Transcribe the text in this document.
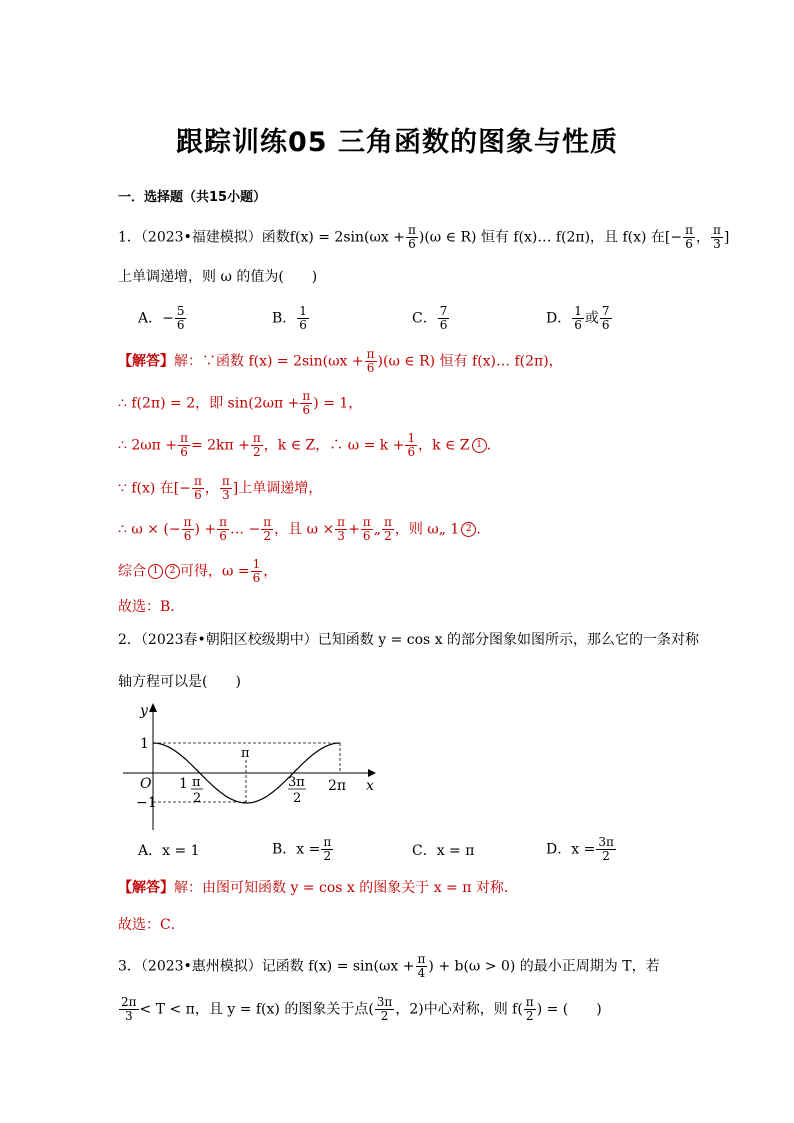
跟踪训练05 三角函数的图象与性质
一．选择题（共15小题）
1．（2023•福建模拟）函数$f(x) = 2\sin(\omega x + \frac{\pi}{6} )(\omega$ ∈ R) 恒有 f(x)… f(2π)，且 f(x) 在[− $\frac{\pi}{6}$ ， $\frac{\pi}{3}$ ]
上单调递增，则 ω 的值为(　　)
A．− $\frac{5}{6}$	B． $\frac{1}{6}$	C． $\frac{7}{6}$	D． $\frac{1}{6}$ 或 $\frac{7}{6}$
【解答】解：∵函数 $f(x) = 2\sin(\omega x + \frac{\pi}{6} )(\omega$ ∈ R) 恒有 f(x)… f(2π)，
∴ f(2π) = 2，即 $\sin(2\omega\pi + \frac{\pi}{6}$ ) = 1，
∴ $2\omega\pi + \frac{\pi}{6} = 2k\pi + \frac{\pi}{2}$ ，k ∈ Z，∴ $\omega = k + \frac{1}{6}$ ，k ∈ Z 1 ．
∵ f(x) 在[− $\frac{\pi}{6}$ ， $\frac{\pi}{3}$ ]上单调递增，
∴ ω × (− $\frac{\pi}{6}$ ) + $\frac{\pi}{6}$ … − $\frac{\pi}{2}$ ，且 $\omega \times \frac{\pi}{3} + \frac{\pi}{6}$ „ $\frac{\pi}{2}$ ，则 ω„ 1 2 ．
综合 1 2 可得，$\omega = \frac{1}{6}$ ，
故选：B．
2．（2023春•朝阳区校级期中）已知函数 y = cos x 的部分图象如图所示，那么它的一条对称
轴方程可以是(　　)
y
x
O
1
−1
1 π
2
π
3π
2
2π
A．x = 1	B．$x = \frac{\pi}{2}$	C．x = π	D．$x = \frac{3\pi}{2}$
【解答】解：由图可知函数 y = cos x 的图象关于 x = π 对称．
故选：C．
3．（2023•惠州模拟）记函数 $f(x) = \sin(\omega x + \frac{\pi}{4}$ ) + b(ω > 0) 的最小正周期为 T，若
$\frac{2\pi}{3} < T < \pi$，且 y = f(x) 的图象关于点( $\frac{3\pi}{2}$ ，2)中心对称，则 $f( \frac{\pi}{2}$ ) = (　　)
